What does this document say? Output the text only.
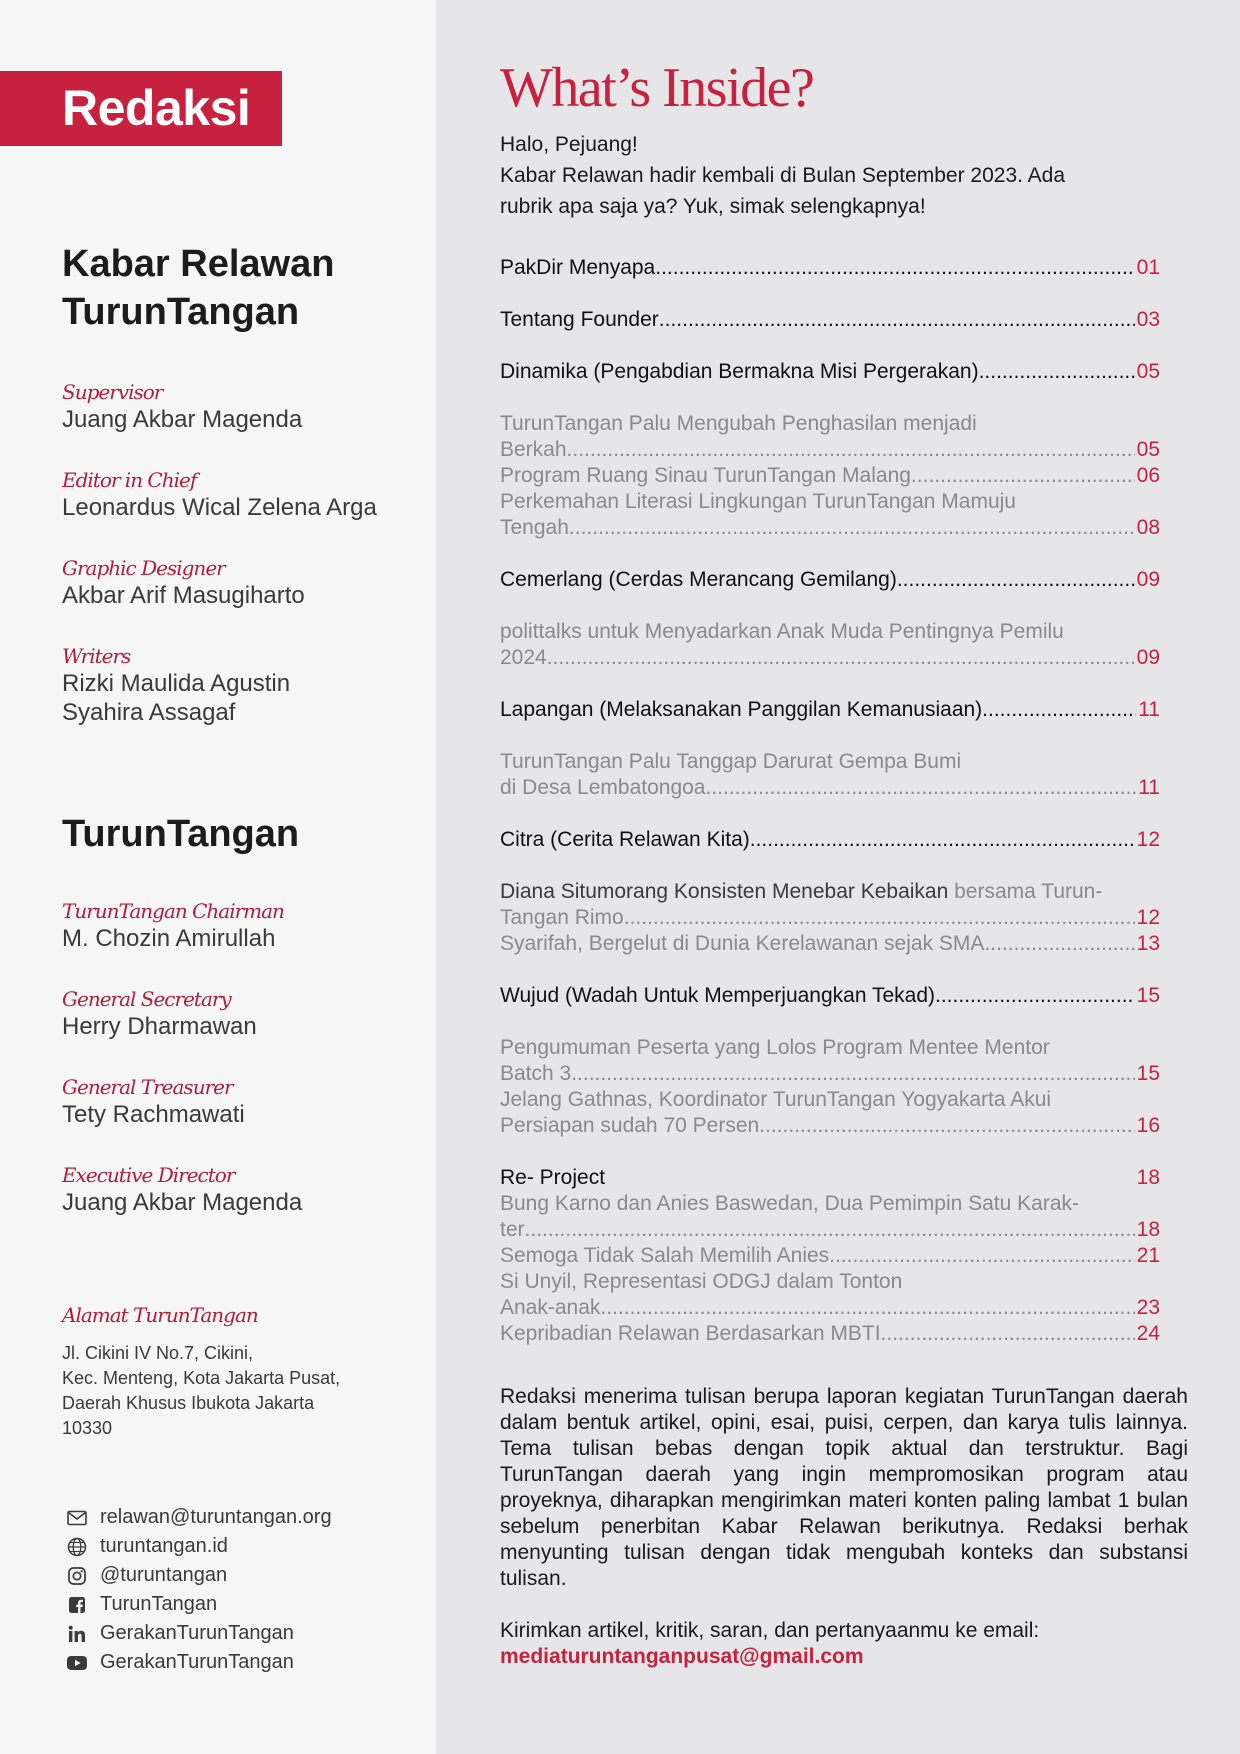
Redaksi
Kabar Relawan
TurunTangan
Supervisor
Juang Akbar Magenda
Editor in Chief
Leonardus Wical Zelena Arga
Graphic Designer
Akbar Arif Masugiharto
Writers
Rizki Maulida Agustin
Syahira Assagaf
TurunTangan
TurunTangan Chairman
M. Chozin Amirullah
General Secretary
Herry Dharmawan
General Treasurer
Tety Rachmawati
Executive Director
Juang Akbar Magenda
Alamat TurunTangan
Jl. Cikini IV No.7, Cikini,
Kec. Menteng, Kota Jakarta Pusat,
Daerah Khusus Ibukota Jakarta
10330
relawan@turuntangan.org
turuntangan.id
@turuntangan
TurunTangan
GerakanTurunTangan
GerakanTurunTangan
What’s Inside?
Halo, Pejuang!
Kabar Relawan hadir kembali di Bulan September 2023. Ada
rubrik apa saja ya? Yuk, simak selengkapnya!
PakDir Menyapa .....	01
Tentang Founder .....	03
Dinamika (Pengabdian Bermakna Misi Pergerakan) .....	05
TurunTangan Palu Mengubah Penghasilan menjadi
Berkah .....	05
Program Ruang Sinau TurunTangan Malang .....	06
Perkemahan Literasi Lingkungan TurunTangan Mamuju
Tengah .....	08
Cemerlang (Cerdas Merancang Gemilang) .....	09
polittalks untuk Menyadarkan Anak Muda Pentingnya Pemilu
2024 .....	09
Lapangan (Melaksanakan Panggilan Kemanusiaan) .....	11
TurunTangan Palu Tanggap Darurat Gempa Bumi
di Desa Lembatongoa .....	11
Citra (Cerita Relawan Kita) .....	12
Diana Situmorang Konsisten Menebar Kebaikan bersama Turun-
Tangan Rimo .....	12
Syarifah, Bergelut di Dunia Kerelawanan sejak SMA .....	13
Wujud (Wadah Untuk Memperjuangkan Tekad) .....	15
Pengumuman Peserta yang Lolos Program Mentee Mentor
Batch 3 .....	15
Jelang Gathnas, Koordinator TurunTangan Yogyakarta Akui
Persiapan sudah 70 Persen .....	16
Re- Project	18
Bung Karno dan Anies Baswedan, Dua Pemimpin Satu Karak-
ter .....	18
Semoga Tidak Salah Memilih Anies .....	21
Si Unyil, Representasi ODGJ dalam Tonton
Anak-anak .....	23
Kepribadian Relawan Berdasarkan MBTI .....	24
Redaksi menerima tulisan berupa laporan kegiatan TurunTangan daerah dalam bentuk artikel, opini, esai, puisi, cerpen, dan karya tulis lainnya. Tema tulisan bebas dengan topik aktual dan terstruktur. Bagi TurunTangan daerah yang ingin mempromosikan program atau proyeknya, diharapkan mengirimkan materi konten paling lambat 1 bulan sebelum penerbitan Kabar Relawan berikutnya. Redaksi berhak menyunting tulisan dengan tidak mengubah konteks dan substansi tulisan.
Kirimkan artikel, kritik, saran, dan pertanyaanmu ke email:
mediaturuntanganpusat@gmail.com
